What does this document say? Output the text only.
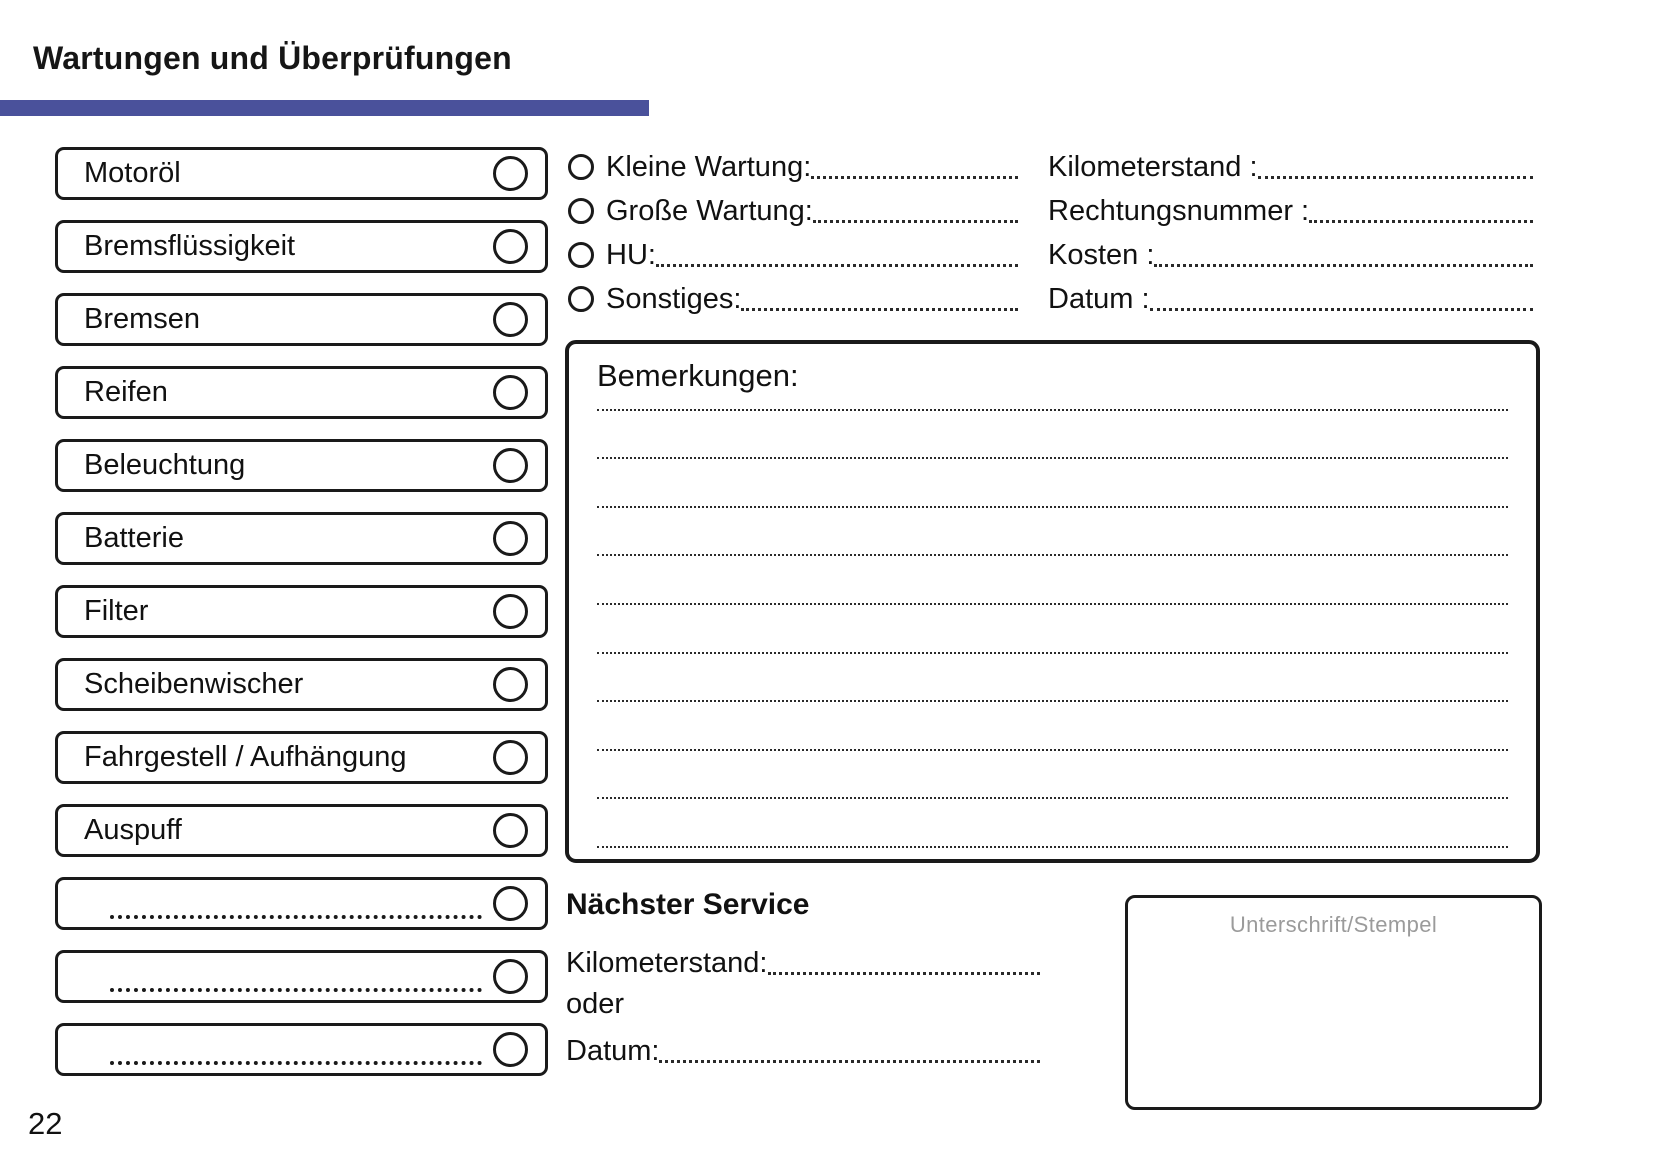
Wartungen und Überprüfungen
Motoröl
Bremsflüssigkeit
Bremsen
Reifen
Beleuchtung
Batterie
Filter
Scheibenwischer
Fahrgestell / Aufhängung
Auspuff
Kleine Wartung:
Große Wartung:
HU:
Sonstiges:
Kilometerstand :
Rechtungsnummer :
Kosten :
Datum :
Bemerkungen:
Nächster Service
Kilometerstand:
oder
Datum:
Unterschrift/Stempel
22
